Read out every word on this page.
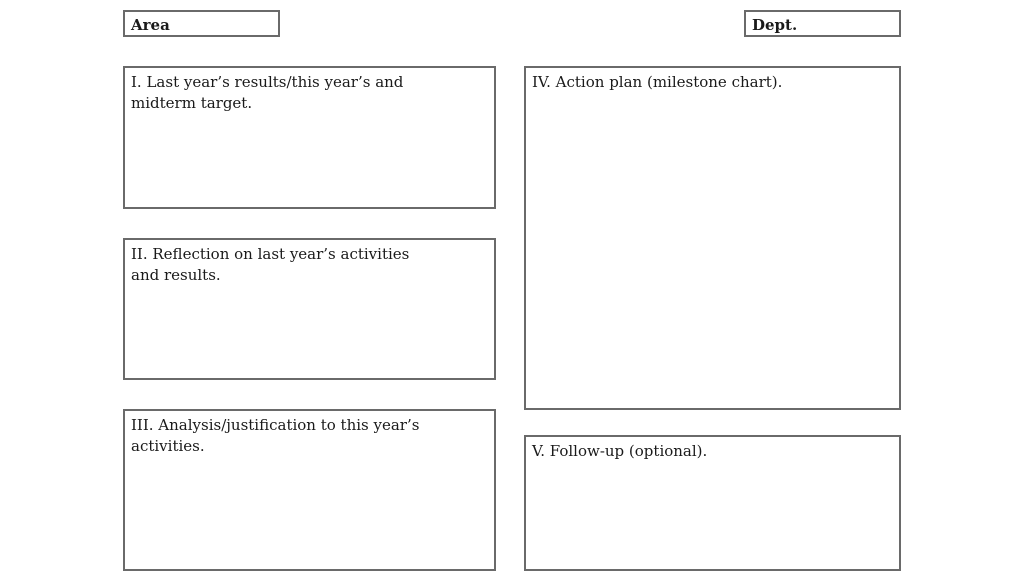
Area	Dept.
I. Last year’s results/this year’s and
midterm target.
II. Reflection on last year’s activities
and results.
III. Analysis/justification to this year’s
activities.
IV. Action plan (milestone chart).
V. Follow-up (optional).
